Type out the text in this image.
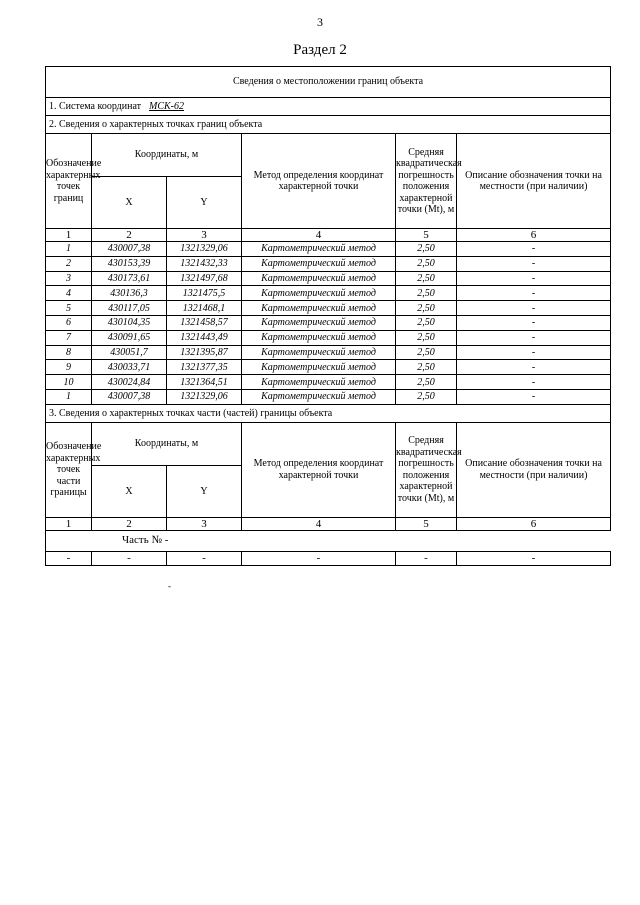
3
Раздел 2
Сведения о местоположении границ объекта					
1. Система координат МСК-62					
2. Сведения о характерных точках границ объекта					
Обозначение характерных точек границ	Координаты, м		Метод определения координат характерной точки	Средняя квадратическая погрешность положения характерной точки (Mt), м	Описание обозначения точки на местности (при наличии)
	X	Y			
1	2	3	4	5	6
1	430007,38	1321329,06	Картометрический метод	2,50	-
2	430153,39	1321432,33	Картометрический метод	2,50	-
3	430173,61	1321497,68	Картометрический метод	2,50	-
4	430136,3	1321475,5	Картометрический метод	2,50	-
5	430117,05	1321468,1	Картометрический метод	2,50	-
6	430104,35	1321458,57	Картометрический метод	2,50	-
7	430091,65	1321443,49	Картометрический метод	2,50	-
8	430051,7	1321395,87	Картометрический метод	2,50	-
9	430033,71	1321377,35	Картометрический метод	2,50	-
10	430024,84	1321364,51	Картометрический метод	2,50	-
1	430007,38	1321329,06	Картометрический метод	2,50	-
3. Сведения о характерных точках части (частей) границы объекта					
Обозначение характерных точек части границы	Координаты, м		Метод определения координат характерной точки	Средняя квадратическая погрешность положения характерной точки (Mt), м	Описание обозначения точки на местности (при наличии)
	X	Y			
1	2	3	4	5	6
Часть № -					
-	-	-	-	-	-
-
